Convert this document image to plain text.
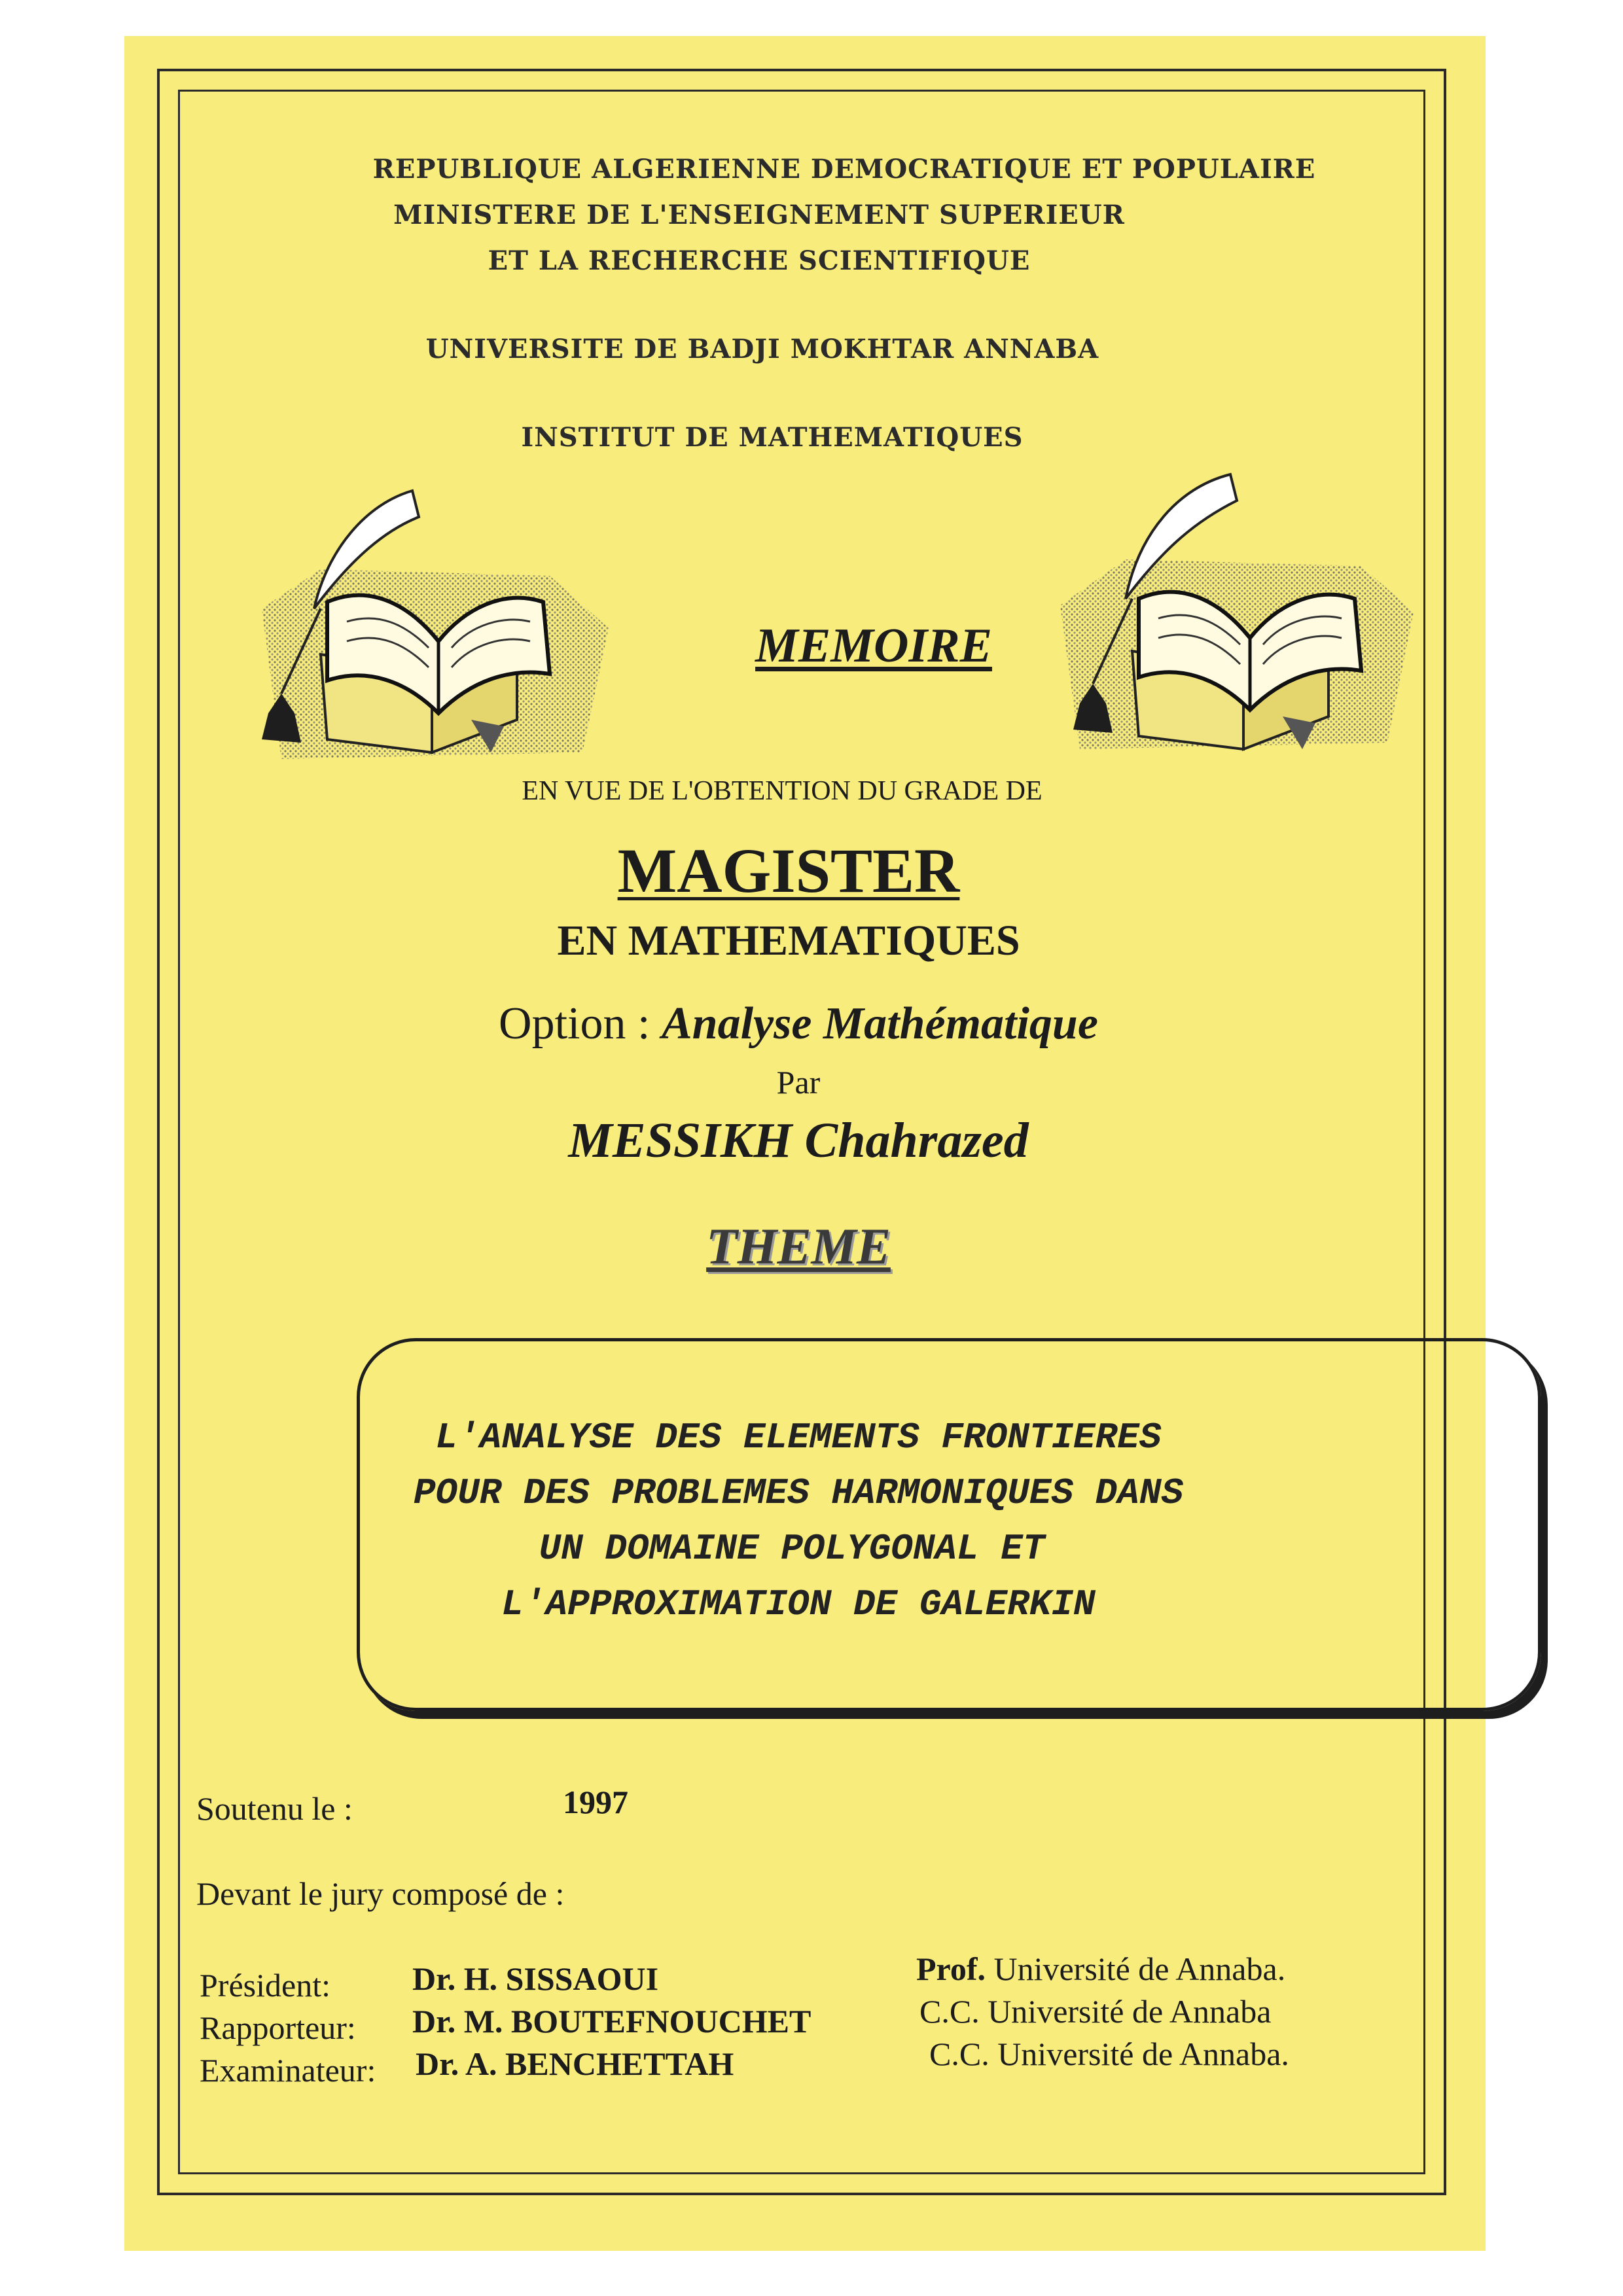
REPUBLIQUE ALGERIENNE DEMOCRATIQUE ET POPULAIRE
MINISTERE DE L'ENSEIGNEMENT SUPERIEUR
ET LA RECHERCHE SCIENTIFIQUE
UNIVERSITE DE BADJI MOKHTAR ANNABA
INSTITUT DE MATHEMATIQUES
MEMOIRE
EN VUE DE L'OBTENTION DU GRADE DE
MAGISTER
EN MATHEMATIQUES
Option : Analyse Mathématique
Par
MESSIKH Chahrazed
THEME
L'ANALYSE DES ELEMENTS FRONTIERES
POUR DES PROBLEMES HARMONIQUES DANS
UN DOMAINE POLYGONAL ET
L'APPROXIMATION DE GALERKIN
Soutenu le :	1997
Devant le jury composé de :
Président:	Dr. H. SISSAOUI	Prof. Université de Annaba.
Rapporteur: Dr. M. BOUTEFNOUCHET	C.C. Université de Annaba
Examinateur: Dr. A. BENCHETTAH	C.C. Université de Annaba.
